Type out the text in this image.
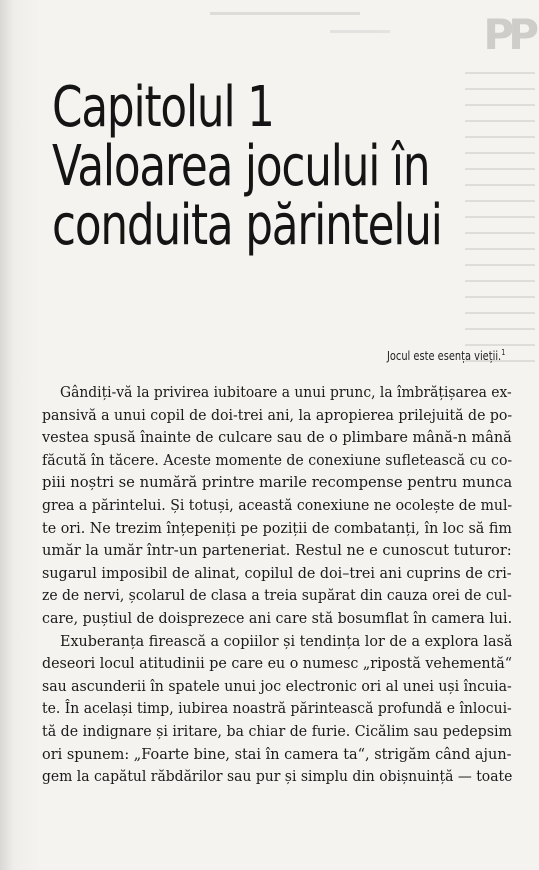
PP
Capitolul 1
Valoarea jocului în
conduita părintelui
Jocul este esența vieții.$^1$
Gândiți-vă la privirea iubitoare a unui prunc, la îmbrățișarea ex-
pansivă a unui copil de doi-trei ani, la apropierea prilejuită de po-
vestea spusă înainte de culcare sau de o plimbare mână-n mână
făcută în tăcere. Aceste momente de conexiune sufletească cu co-
piii noștri se numără printre marile recompense pentru munca
grea a părintelui. Și totuși, această conexiune ne ocolește de mul-
te ori. Ne trezim înțepeniți pe poziții de combatanți, în loc să fim
umăr la umăr într-un parteneriat. Restul ne e cunoscut tuturor:
sugarul imposibil de alinat, copilul de doi–trei ani cuprins de cri-
ze de nervi, școlarul de clasa a treia supărat din cauza orei de cul-
care, puștiul de doisprezece ani care stă bosumflat în camera lui.
Exuberanța firească a copiilor și tendința lor de a explora lasă
deseori locul atitudinii pe care eu o numesc „ripostă vehementă“
sau ascunderii în spatele unui joc electronic ori al unei uși încuia-
te. În același timp, iubirea noastră părintească profundă e înlocui-
tă de indignare și iritare, ba chiar de furie. Cicălim sau pedepsim
ori spunem: „Foarte bine, stai în camera ta“, strigăm când ajun-
gem la capătul răbdărilor sau pur și simplu din obișnuință — toate
